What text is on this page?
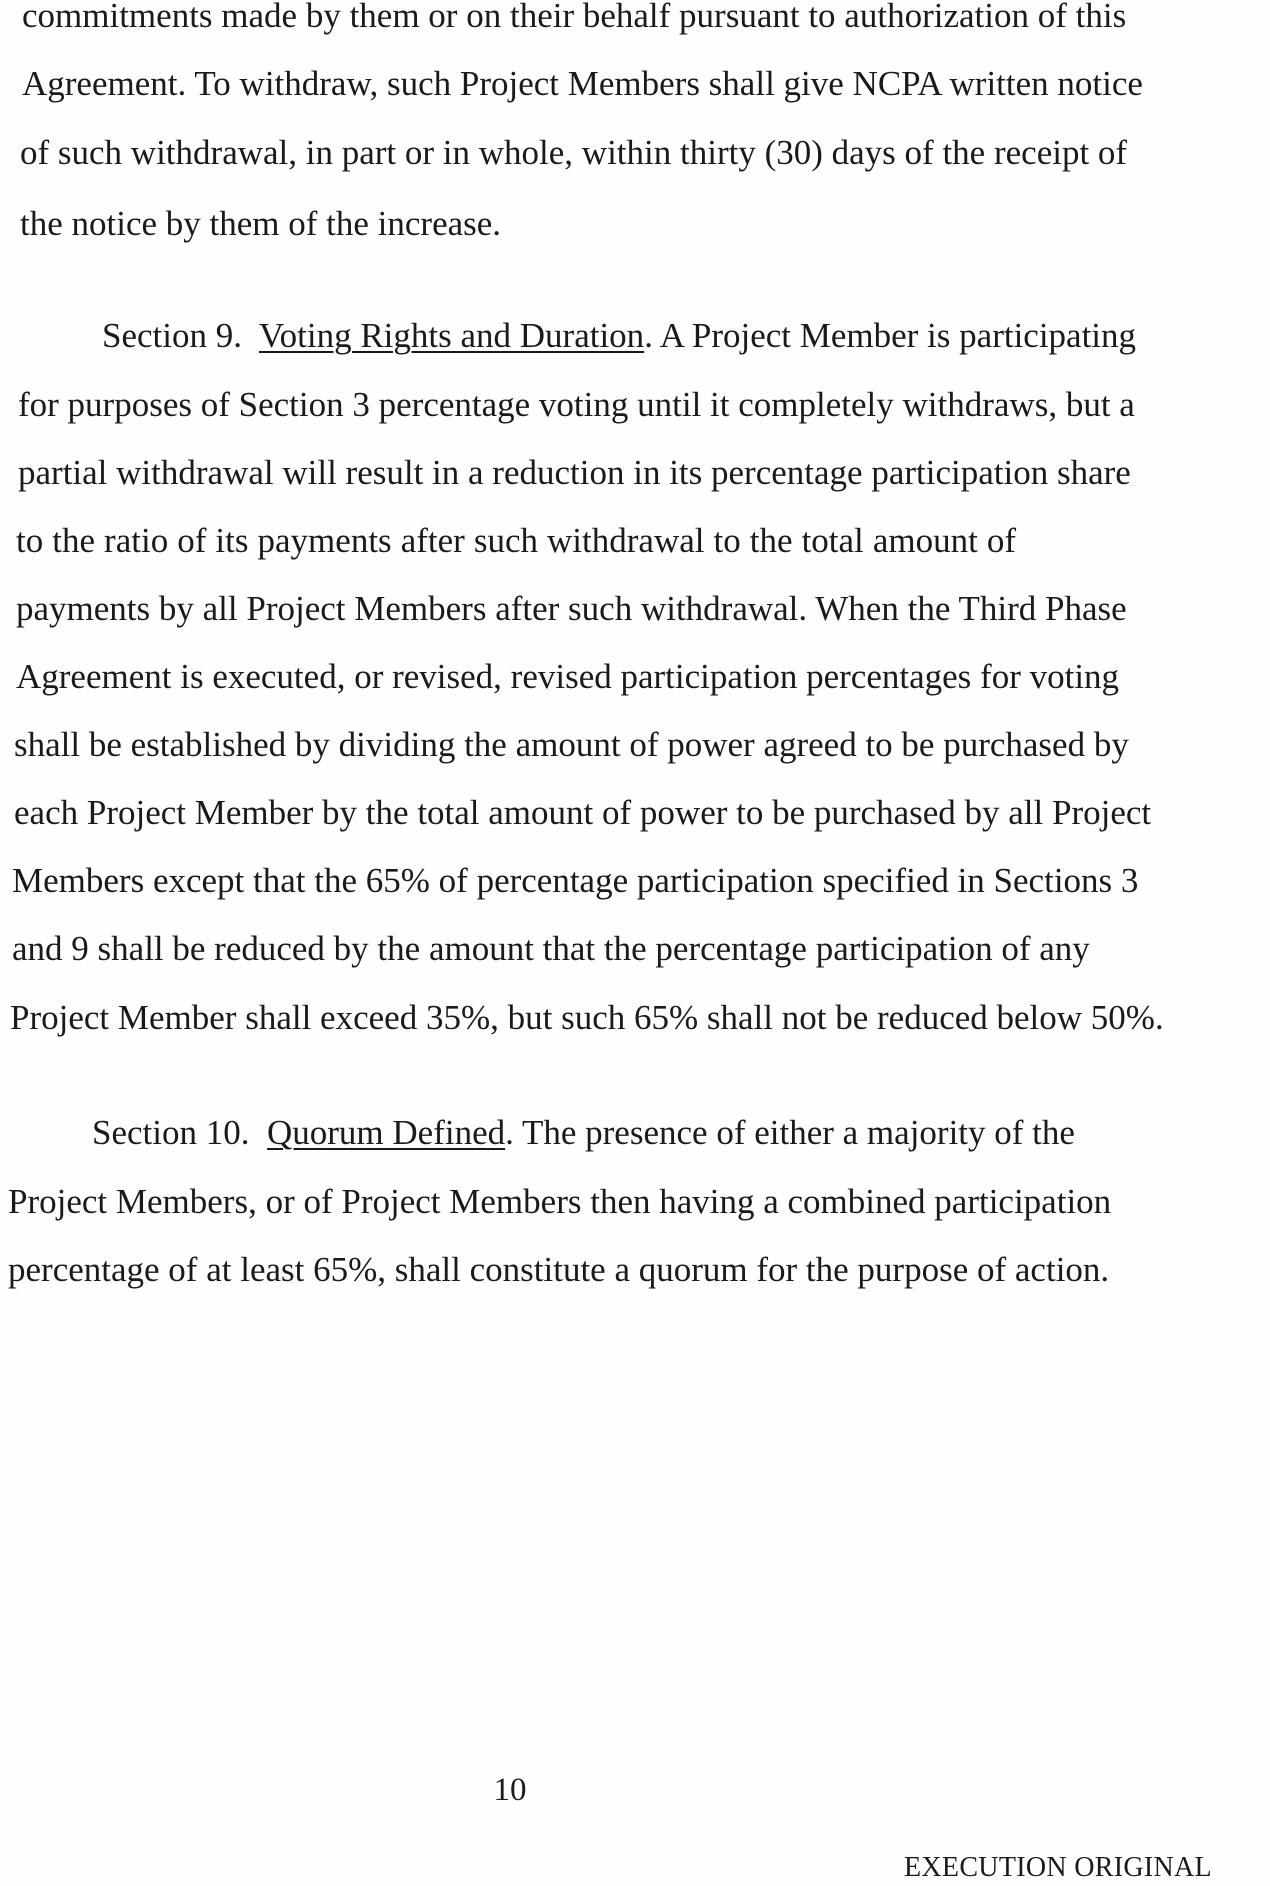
commitments made by them or on their behalf pursuant to authorization of this
Agreement. To withdraw, such Project Members shall give NCPA written notice
of such withdrawal, in part or in whole, within thirty (30) days of the receipt of
the notice by them of the increase.
Section 9. Voting Rights and Duration. A Project Member is participating
for purposes of Section 3 percentage voting until it completely withdraws, but a
partial withdrawal will result in a reduction in its percentage participation share
to the ratio of its payments after such withdrawal to the total amount of
payments by all Project Members after such withdrawal. When the Third Phase
Agreement is executed, or revised, revised participation percentages for voting
shall be established by dividing the amount of power agreed to be purchased by
each Project Member by the total amount of power to be purchased by all Project
Members except that the 65% of percentage participation specified in Sections 3
and 9 shall be reduced by the amount that the percentage participation of any
Project Member shall exceed 35%, but such 65% shall not be reduced below 50%.
Section 10. Quorum Defined. The presence of either a majority of the
Project Members, or of Project Members then having a combined participation
percentage of at least 65%, shall constitute a quorum for the purpose of action.
10
EXECUTION ORIGINAL
